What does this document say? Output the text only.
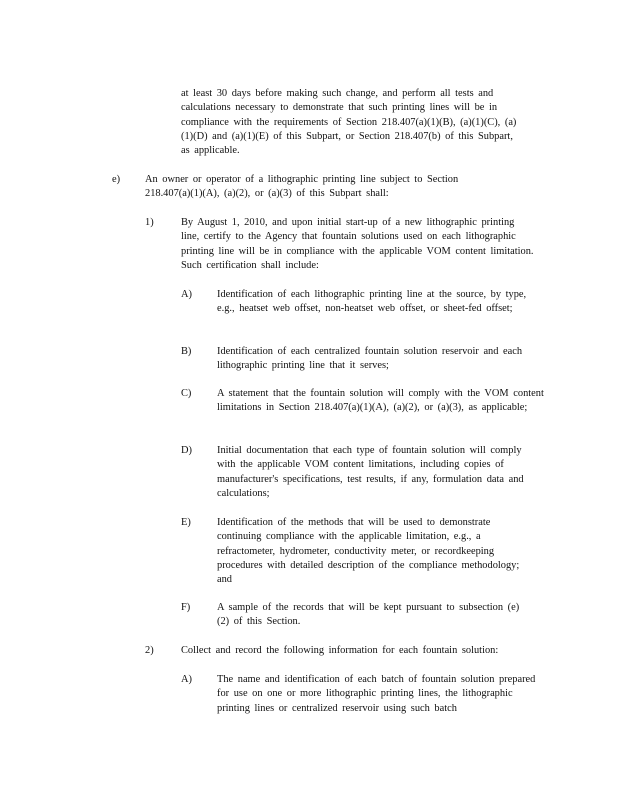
at least 30 days before making such change, and perform all tests and calculations necessary to demonstrate that such printing lines will be in compliance with the requirements of Section 218.407(a)(1)(B), (a)(1)(C), (a)(1)(D) and (a)(1)(E) of this Subpart, or Section 218.407(b) of this Subpart, as applicable.
e) An owner or operator of a lithographic printing line subject to Section 218.407(a)(1)(A), (a)(2), or (a)(3) of this Subpart shall:
1)	By August 1, 2010, and upon initial start-up of a new lithographic printing line, certify to the Agency that fountain solutions used on each lithographic printing line will be in compliance with the applicable VOM content limitation. Such certification shall include:
A) Identification of each lithographic printing line at the source, by type, e.g., heatset web offset, non-heatset web offset, or sheet-fed offset;
B) Identification of each centralized fountain solution reservoir and each lithographic printing line that it serves;
C) A statement that the fountain solution will comply with the VOM content limitations in Section 218.407(a)(1)(A), (a)(2), or (a)(3), as applicable;
D) Initial documentation that each type of fountain solution will comply with the applicable VOM content limitations, including copies of manufacturer's specifications, test results, if any, formulation data and calculations;
E)	Identification of the methods that will be used to demonstrate continuing compliance with the applicable limitation, e.g., a refractometer, hydrometer, conductivity meter, or recordkeeping procedures with detailed description of the compliance methodology; and
F)	A sample of the records that will be kept pursuant to subsection (e)(2) of this Section.
2)	Collect and record the following information for each fountain solution:
A) The name and identification of each batch of fountain solution prepared for use on one or more lithographic printing lines, the lithographic printing lines or centralized reservoir using such batch
